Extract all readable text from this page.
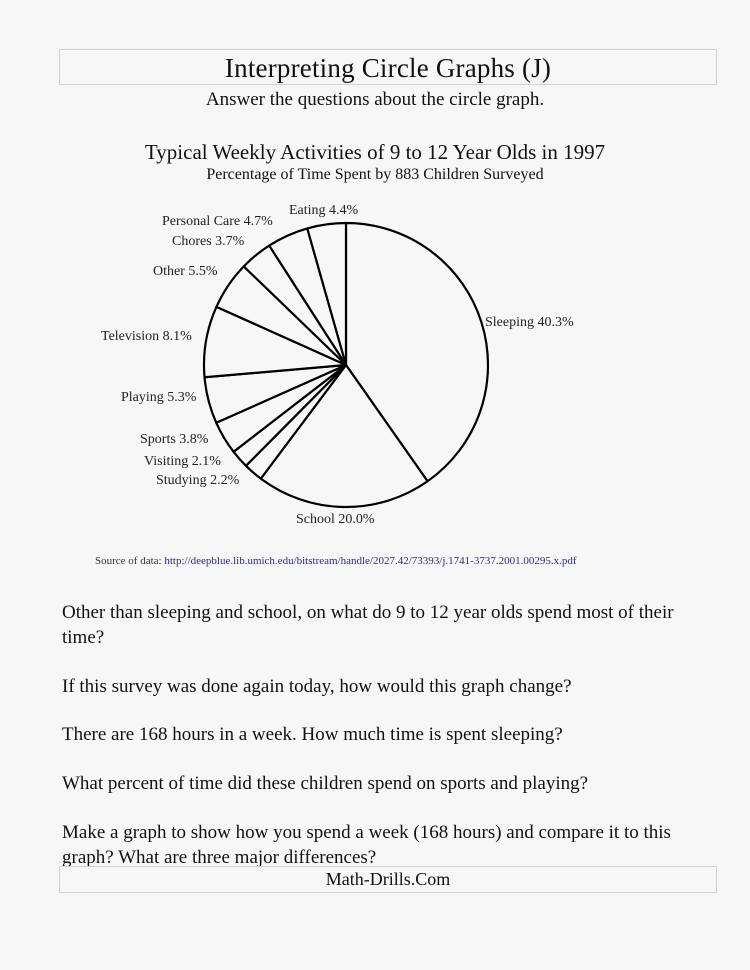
Interpreting Circle Graphs (J)
Answer the questions about the circle graph.
Typical Weekly Activities of 9 to 12 Year Olds in 1997
Percentage of Time Spent by 883 Children Surveyed
Sleeping 40.3%
School 20.0%
Studying 2.2%
Visiting 2.1%
Sports 3.8%
Playing 5.3%
Television 8.1%
Other 5.5%
Chores 3.7%
Personal Care 4.7%
Eating 4.4%
Source of data: http://deepblue.lib.umich.edu/bitstream/handle/2027.42/73393/j.1741-3737.2001.00295.x.pdf
Other than sleeping and school, on what do 9 to 12 year olds spend most of their time?
If this survey was done again today, how would this graph change?
There are 168 hours in a week. How much time is spent sleeping?
What percent of time did these children spend on sports and playing?
Make a graph to show how you spend a week (168 hours) and compare it to this graph? What are three major differences?
Math-Drills.Com
